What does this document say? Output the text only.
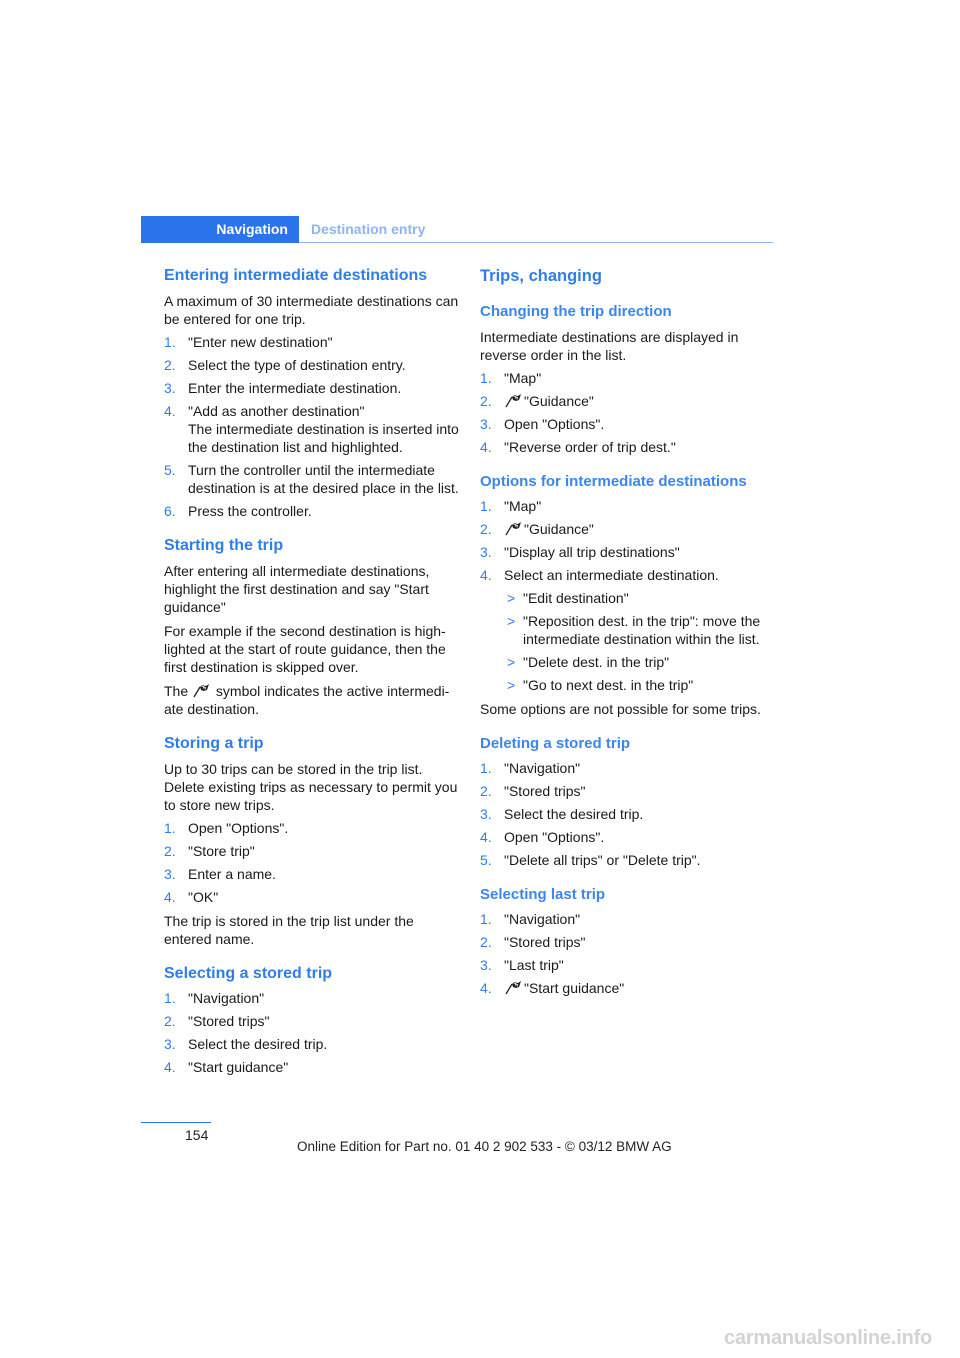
Navigation	Destination entry
Entering intermediate destinations

A maximum of 30 intermediate destinations can be entered for one trip.

1. "Enter new destination"
2. Select the type of destination entry.
3. Enter the intermediate destination.
4. "Add as another destination"
The intermediate destination is inserted into the destination list and highlighted.
5. Turn the controller until the intermediate destination is at the desired place in the list.
6. Press the controller.
Starting the trip

After entering all intermediate destinations, highlight the first destination and say "Start guidance"

For example if the second destination is high-lighted at the start of route guidance, then the first destination is skipped over.

The symbol indicates the active intermedi-ate destination.

Storing a trip

Up to 30 trips can be stored in the trip list. Delete existing trips as necessary to permit you to store new trips.

1. Open "Options".
2. "Store trip"
3. Enter a name.
4. "OK"

The trip is stored in the trip list under the entered name.

Selecting a stored trip
1. "Navigation"
2. "Stored trips"
3. Select the desired trip.
4. "Start guidance"
Trips, changing
Changing the trip direction

Intermediate destinations are displayed in reverse order in the list.

1. "Map"
2. "Guidance"
3. Open "Options".
4. "Reverse order of trip dest."
Options for intermediate destinations
1. "Map"
2. "Guidance"
3. "Display all trip destinations"
4. Select an intermediate destination.
> "Edit destination"
> "Reposition dest. in the trip": move the intermediate destination within the list.
> "Delete dest. in the trip"
> "Go to next dest. in the trip"

Some options are not possible for some trips.

Deleting a stored trip
1. "Navigation"
2. "Stored trips"
3. Select the desired trip.
4. Open "Options".
5. "Delete all trips" or "Delete trip".
Selecting last trip
1. "Navigation"
2. "Stored trips"
3. "Last trip"
4. "Start guidance"
154
Online Edition for Part no. 01 40 2 902 533 - © 03/12 BMW AG
carmanualsonline.info
